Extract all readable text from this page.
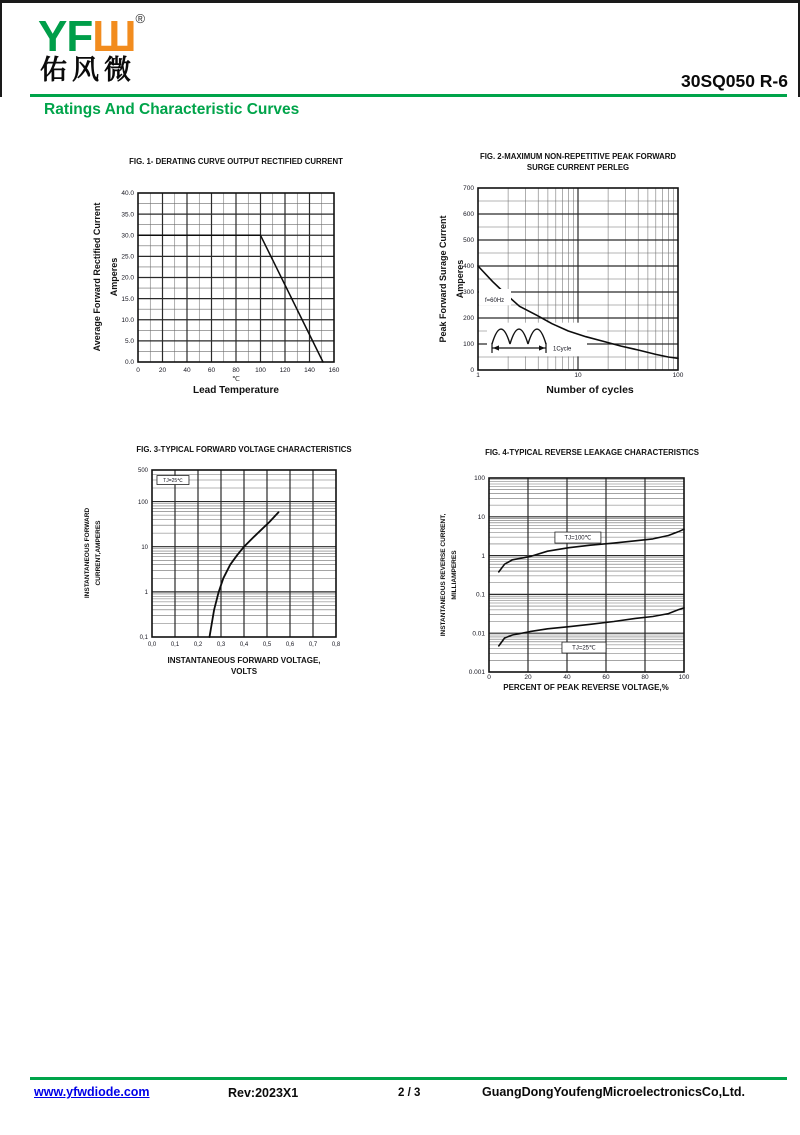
YFШ®
佑风微	30SQ050 R-6
Ratings And Characteristic Curves
FIG. 1- DERATING CURVE OUTPUT RECTIFIED CURRENT
0	20	40	60	80 100 120 140 160
0.0
5.0
10.0
15.0
20.0
25.0
30.0
35.0
40.0
Average Forward Rectified Current Amperes
℃
Lead Temperature
FIG. 2-MAXIMUM NON-REPETITIVE PEAK FORWARD
SURGE CURRENT PERLEG
1Cycle
f=60Hz
1	10	100
0
100
200
300
400
500
600
700
Peak Forward Surage Current Amperes
Number of cycles
FIG. 3-TYPICAL FORWARD VOLTAGE CHARACTERISTICS
TJ=25℃
0,0 0,1 0,2 0,3 0,4 0,5 0,6 0,7 0,8
0,1
1
10
100
500
INSTANTANEOUS FORWARD CURRENT,AMPERES
INSTANTANEOUS FORWARD VOLTAGE,
VOLTS
FIG. 4-TYPICAL REVERSE LEAKAGE CHARACTERISTICS
TJ=100℃
TJ=25℃
0	20	40	60	80	100
0.001
0.01
0.1
1
10
100
INSTANTANEOUS REVERSE CURRENT, MILLIAMPERES
PERCENT OF PEAK REVERSE VOLTAGE,%
www.yfwdiode.com	Rev:2023X1	2 / 3	GuangDongYoufengMicroelectronicsCo,Ltd.
